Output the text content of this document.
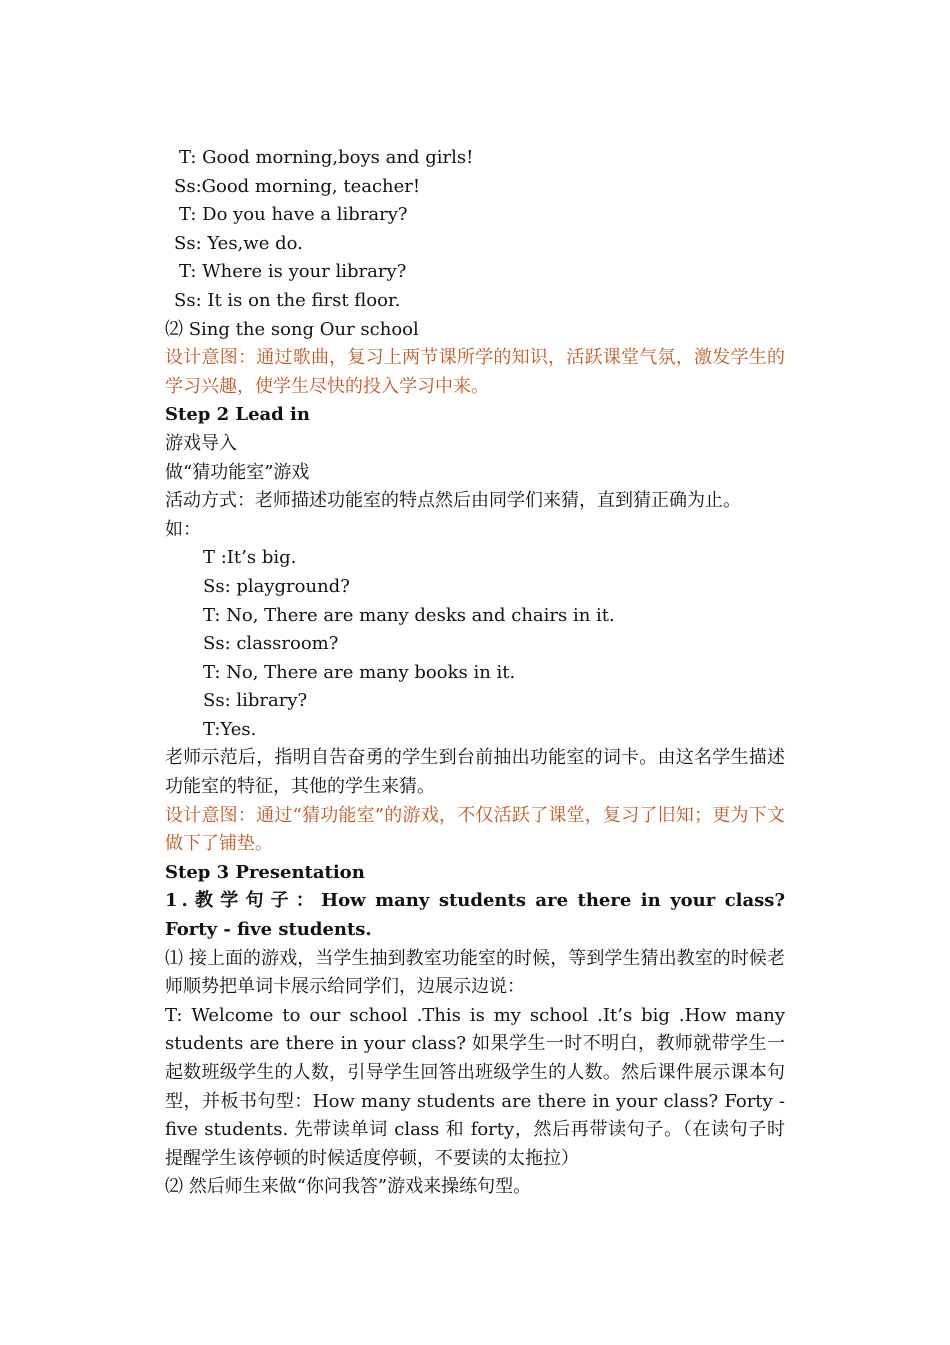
T: Good morning,boys and girls!

Ss:Good morning, teacher!

T: Do you have a library?

Ss: Yes,we do.

T: Where is your library?

Ss: It is on the first floor.

⑵ Sing the song Our school

设计意图：通过歌曲，复习上两节课所学的知识，活跃课堂气氛，激发学生的学习兴趣，使学生尽快的投入学习中来。

Step 2 Lead in

游戏导入

做“猜功能室”游戏

活动方式：老师描述功能室的特点然后由同学们来猜，直到猜正确为止。

如：

T :It’s big.

Ss: playground?

T: No, There are many desks and chairs in it.

Ss: classroom?

T: No, There are many books in it.

Ss: library?

T:Yes.

老师示范后，指明自告奋勇的学生到台前抽出功能室的词卡。由这名学生描述功能室的特征，其他的学生来猜。

设计意图：通过“猜功能室”的游戏，不仅活跃了课堂，复习了旧知；更为下文做下了铺垫。

Step 3 Presentation

1.教学句子：How many students are there in your class? Forty - five students.

⑴ 接上面的游戏，当学生抽到教室功能室的时候，等到学生猜出教室的时候老师顺势把单词卡展示给同学们，边展示边说：

T: Welcome to our school .This is my school .It’s big .How many students are there in your class? 如果学生一时不明白，教师就带学生一起数班级学生的人数，引导学生回答出班级学生的人数。然后课件展示课本句型，并板书句型：How many students are there in your class? Forty - five students. 先带读单词 class 和 forty，然后再带读句子。（在读句子时提醒学生该停顿的时候适度停顿，不要读的太拖拉）

⑵ 然后师生来做“你问我答”游戏来操练句型。
